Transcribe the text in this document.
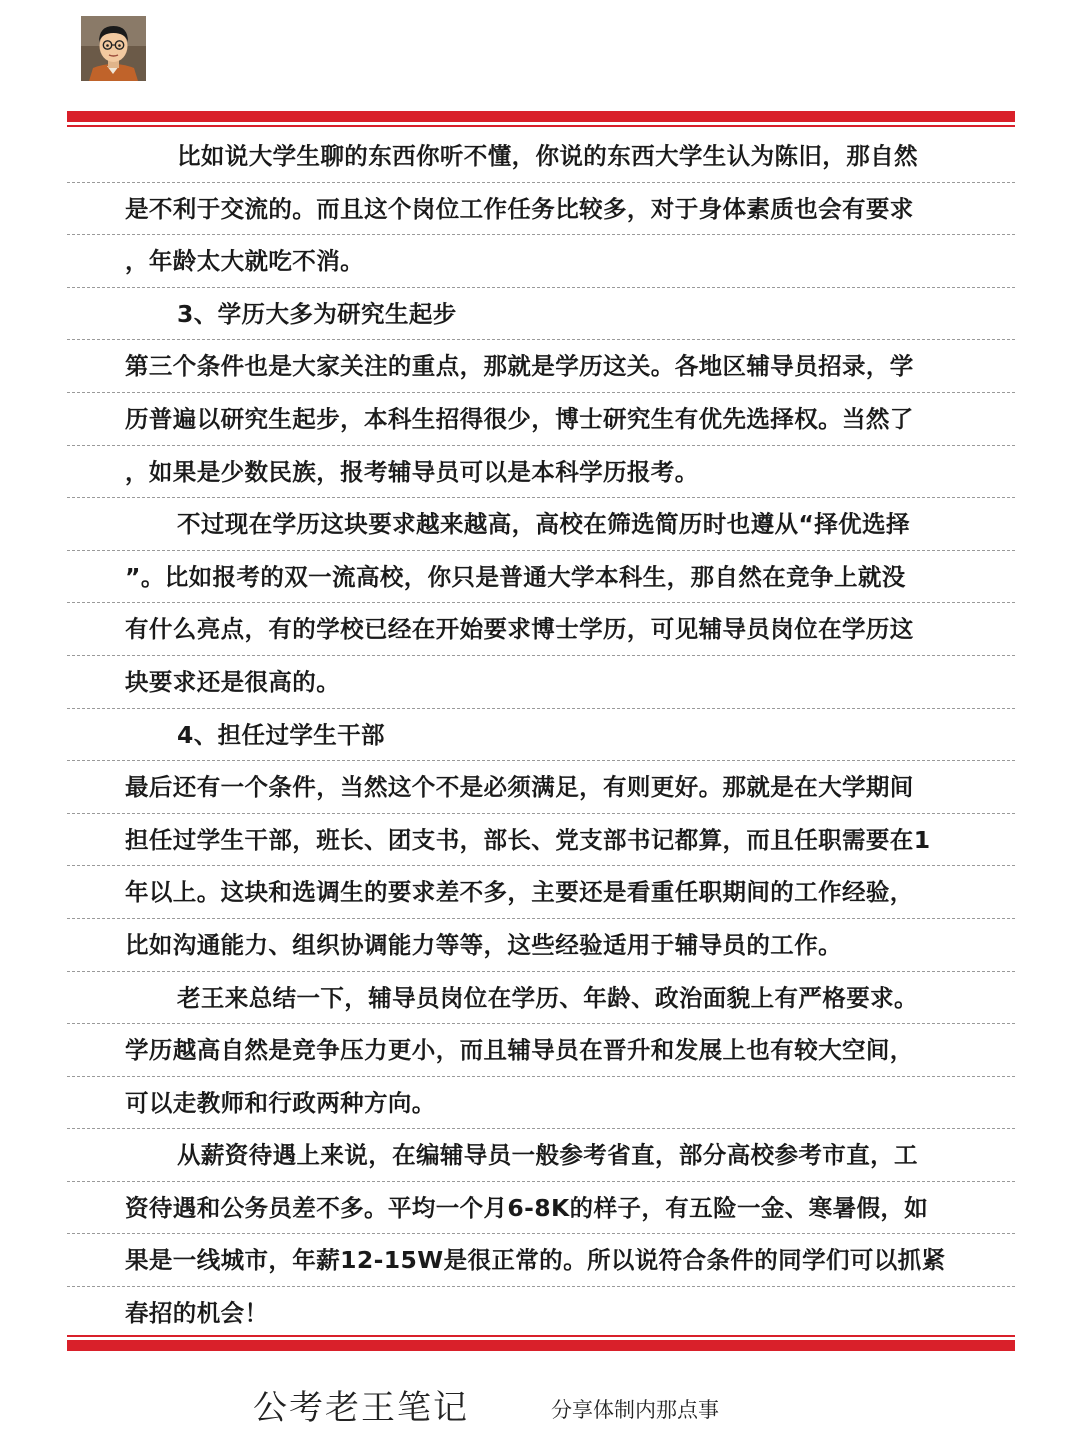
比如说大学生聊的东西你听不懂，你说的东西大学生认为陈旧，那自然
是不利于交流的。而且这个岗位工作任务比较多，对于身体素质也会有要求
，年龄太大就吃不消。
3、学历大多为研究生起步
第三个条件也是大家关注的重点，那就是学历这关。各地区辅导员招录，学
历普遍以研究生起步，本科生招得很少，博士研究生有优先选择权。当然了
，如果是少数民族，报考辅导员可以是本科学历报考。
不过现在学历这块要求越来越高，高校在筛选简历时也遵从“择优选择
”。比如报考的双一流高校，你只是普通大学本科生，那自然在竞争上就没
有什么亮点，有的学校已经在开始要求博士学历，可见辅导员岗位在学历这
块要求还是很高的。
4、担任过学生干部
最后还有一个条件，当然这个不是必须满足，有则更好。那就是在大学期间
担任过学生干部，班长、团支书，部长、党支部书记都算，而且任职需要在1
年以上。这块和选调生的要求差不多，主要还是看重任职期间的工作经验，
比如沟通能力、组织协调能力等等，这些经验适用于辅导员的工作。
老王来总结一下，辅导员岗位在学历、年龄、政治面貌上有严格要求。
学历越高自然是竞争压力更小，而且辅导员在晋升和发展上也有较大空间，
可以走教师和行政两种方向。
从薪资待遇上来说，在编辅导员一般参考省直，部分高校参考市直，工
资待遇和公务员差不多。平均一个月6-8K的样子，有五险一金、寒暑假，如
果是一线城市，年薪12-15W是很正常的。所以说符合条件的同学们可以抓紧
春招的机会！
公考老王笔记	分享体制内那点事
